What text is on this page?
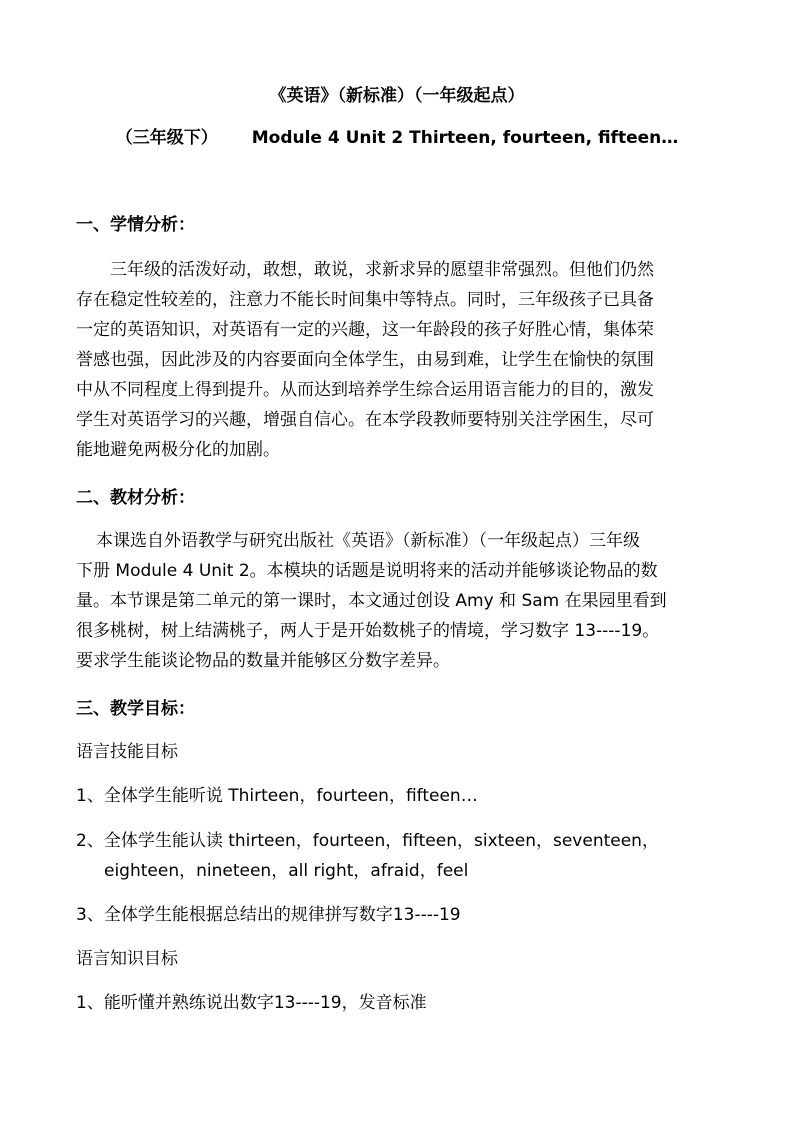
《英语》（新标准）（一年级起点）
（三年级下） Module 4 Unit 2 Thirteen, fourteen, fifteen…
一、学情分析：
三年级的活泼好动，敢想，敢说，求新求异的愿望非常强烈。但他们仍然
存在稳定性较差的，注意力不能长时间集中等特点。同时，三年级孩子已具备
一定的英语知识，对英语有一定的兴趣，这一年龄段的孩子好胜心情，集体荣
誉感也强，因此涉及的内容要面向全体学生，由易到难，让学生在愉快的氛围
中从不同程度上得到提升。从而达到培养学生综合运用语言能力的目的，激发
学生对英语学习的兴趣，增强自信心。在本学段教师要特别关注学困生，尽可
能地避免两极分化的加剧。
二、教材分析：
本课选自外语教学与研究出版社《英语》（新标准）（一年级起点）三年级
下册 Module 4 Unit 2。本模块的话题是说明将来的活动并能够谈论物品的数
量。本节课是第二单元的第一课时，本文通过创设 Amy 和 Sam 在果园里看到
很多桃树，树上结满桃子，两人于是开始数桃子的情境，学习数字 13----19。
要求学生能谈论物品的数量并能够区分数字差异。
三、教学目标：
语言技能目标
1、全体学生能听说 Thirteen，fourteen，fifteen…
2、全体学生能认读 thirteen，fourteen，fifteen，sixteen，seventeen，
eighteen，nineteen，all right，afraid，feel
3、全体学生能根据总结出的规律拼写数字13----19
语言知识目标
1、能听懂并熟练说出数字13----19，发音标准
